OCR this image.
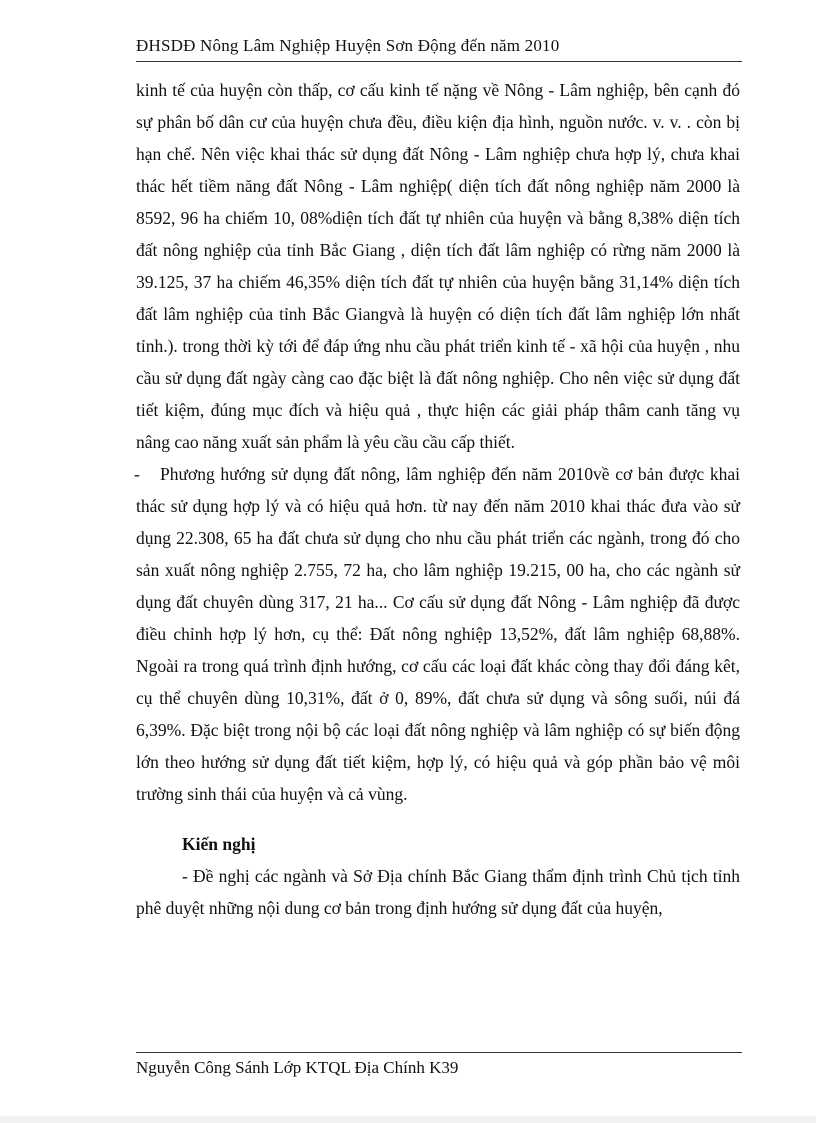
ĐHSDĐ Nông Lâm Nghiệp Huyện Sơn Động đến năm 2010

kinh tế của huyện còn thấp, cơ cấu kinh tế nặng về Nông - Lâm nghiệp, bên cạnh đó sự phân bố dân cư của huyện chưa đều, điều kiện địa hình, nguồn nước. v. v. . còn bị hạn chế. Nên việc khai thác sử dụng đất Nông - Lâm nghiệp chưa hợp lý, chưa khai thác hết tiềm năng đất Nông - Lâm nghiệp( diện tích đất nông nghiệp năm 2000 là 8592, 96 ha chiếm 10, 08%diện tích đất tự nhiên của huyện và bằng 8,38% diện tích đất nông nghiệp của tỉnh Bắc Giang , diện tích đất lâm nghiệp có rừng năm 2000 là 39.125, 37 ha chiếm 46,35% diện tích đất tự nhiên của huyện bằng 31,14% diện tích đất lâm nghiệp của tỉnh Bắc Giangvà là huyện có diện tích đất lâm nghiệp lớn nhất tỉnh.). trong thời kỳ tới để đáp ứng nhu cầu phát triển kinh tế - xã hội của huyện , nhu cầu sử dụng đất ngày càng cao đặc biệt là đất nông nghiệp. Cho nên việc sử dụng đất tiết kiệm, đúng mục đích và hiệu quả , thực hiện các giải pháp thâm canh tăng vụ nâng cao năng xuất sản phẩm là yêu cầu cầu cấp thiết.

- Phương hướng sử dụng đất nông, lâm nghiệp đến năm 2010về cơ bản được khai thác sử dụng hợp lý và có hiệu quả hơn. từ nay đến năm 2010 khai thác đưa vào sử dụng 22.308, 65 ha đất chưa sử dụng cho nhu cầu phát triển các ngành, trong đó cho sản xuất nông nghiệp 2.755, 72 ha, cho lâm nghiệp 19.215, 00 ha, cho các ngành sử dụng đất chuyên dùng 317, 21 ha... Cơ cấu sử dụng đất Nông - Lâm nghiệp đã được điều chỉnh hợp lý hơn, cụ thể: Đất nông nghiệp 13,52%, đất lâm nghiệp 68,88%. Ngoài ra trong quá trình định hướng, cơ cấu các loại đất khác còng thay đổi đáng kêt, cụ thể chuyên dùng 10,31%, đất ở 0, 89%, đất chưa sử dụng và sông suối, núi đá 6,39%. Đặc biệt trong nội bộ các loại đất nông nghiệp và lâm nghiệp có sự biến động lớn theo hướng sử dụng đất tiết kiệm, hợp lý, có hiệu quả và góp phần bảo vệ môi trường sinh thái của huyện và cả vùng.

Kiến nghị

- Đề nghị các ngành và Sở Địa chính Bắc Giang thẩm định trình Chủ tịch tỉnh phê duyệt những nội dung cơ bản trong định hướng sử dụng đất của huyện,

Nguyễn Công Sánh Lớp KTQL Địa Chính K39
